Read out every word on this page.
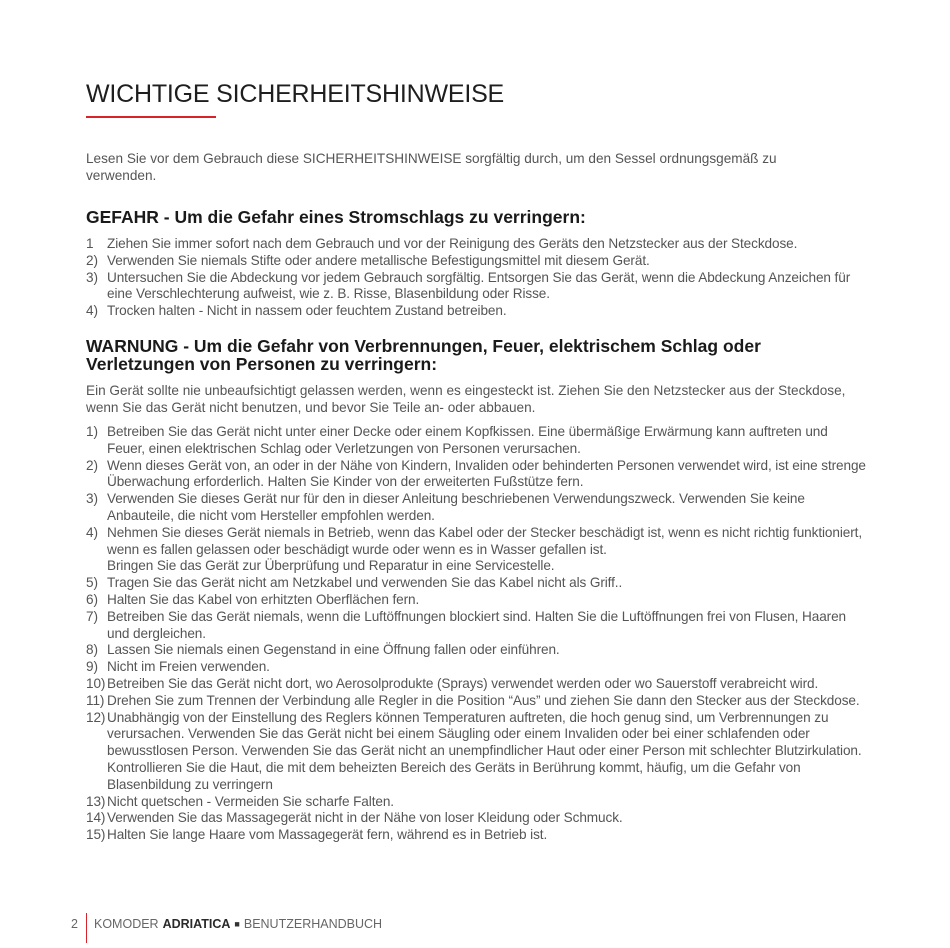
WICHTIGE SICHERHEITSHINWEISE

Lesen Sie vor dem Gebrauch diese SICHERHEITSHINWEISE sorgfältig durch, um den Sessel ordnungsgemäß zu verwenden.

GEFAHR - Um die Gefahr eines Stromschlags zu verringern:
1 Ziehen Sie immer sofort nach dem Gebrauch und vor der Reinigung des Geräts den Netzstecker aus der Steckdose.
2) Verwenden Sie niemals Stifte oder andere metallische Befestigungsmittel mit diesem Gerät.
3) Untersuchen Sie die Abdeckung vor jedem Gebrauch sorgfältig. Entsorgen Sie das Gerät, wenn die Abdeckung Anzeichen für eine Verschlechterung aufweist, wie z. B. Risse, Blasenbildung oder Risse.
4) Trocken halten - Nicht in nassem oder feuchtem Zustand betreiben.
WARNUNG - Um die Gefahr von Verbrennungen, Feuer, elektrischem Schlag oder Verletzungen von Personen zu verringern:

Ein Gerät sollte nie unbeaufsichtigt gelassen werden, wenn es eingesteckt ist. Ziehen Sie den Netzstecker aus der Steckdose, wenn Sie das Gerät nicht benutzen, und bevor Sie Teile an- oder abbauen.

1) Betreiben Sie das Gerät nicht unter einer Decke oder einem Kopfkissen. Eine übermäßige Erwärmung kann auftreten und Feuer, einen elektrischen Schlag oder Verletzungen von Personen verursachen.
2) Wenn dieses Gerät von, an oder in der Nähe von Kindern, Invaliden oder behinderten Personen verwendet wird, ist eine strenge Überwachung erforderlich. Halten Sie Kinder von der erweiterten Fußstütze fern.
3) Verwenden Sie dieses Gerät nur für den in dieser Anleitung beschriebenen Verwendungszweck. Verwenden Sie keine Anbauteile, die nicht vom Hersteller empfohlen werden.
4) Nehmen Sie dieses Gerät niemals in Betrieb, wenn das Kabel oder der Stecker beschädigt ist, wenn es nicht richtig funktioniert, wenn es fallen gelassen oder beschädigt wurde oder wenn es in Wasser gefallen ist.
Bringen Sie das Gerät zur Überprüfung und Reparatur in eine Servicestelle.
5) Tragen Sie das Gerät nicht am Netzkabel und verwenden Sie das Kabel nicht als Griff..
6) Halten Sie das Kabel von erhitzten Oberflächen fern.
7) Betreiben Sie das Gerät niemals, wenn die Luftöffnungen blockiert sind. Halten Sie die Luftöffnungen frei von Flusen, Haaren und dergleichen.
8) Lassen Sie niemals einen Gegenstand in eine Öffnung fallen oder einführen.
9) Nicht im Freien verwenden.
10) Betreiben Sie das Gerät nicht dort, wo Aerosolprodukte (Sprays) verwendet werden oder wo Sauerstoff verabreicht wird.
11) Drehen Sie zum Trennen der Verbindung alle Regler in die Position “Aus” und ziehen Sie dann den Stecker aus der Steckdose.
12) Unabhängig von der Einstellung des Reglers können Temperaturen auftreten, die hoch genug sind, um Verbrennungen zu verursachen. Verwenden Sie das Gerät nicht bei einem Säugling oder einem Invaliden oder bei einer schlafenden oder bewusstlosen Person. Verwenden Sie das Gerät nicht an unempfindlicher Haut oder einer Person mit schlechter Blutzirkulation. Kontrollieren Sie die Haut, die mit dem beheizten Bereich des Geräts in Berührung kommt, häufig, um die Gefahr von Blasenbildung zu verringern
13) Nicht quetschen - Vermeiden Sie scharfe Falten.
14) Verwenden Sie das Massagegerät nicht in der Nähe von loser Kleidung oder Schmuck.
15) Halten Sie lange Haare vom Massagegerät fern, während es in Betrieb ist.
2 KOMODER ADRIATICA ■ BENUTZERHANDBUCH
